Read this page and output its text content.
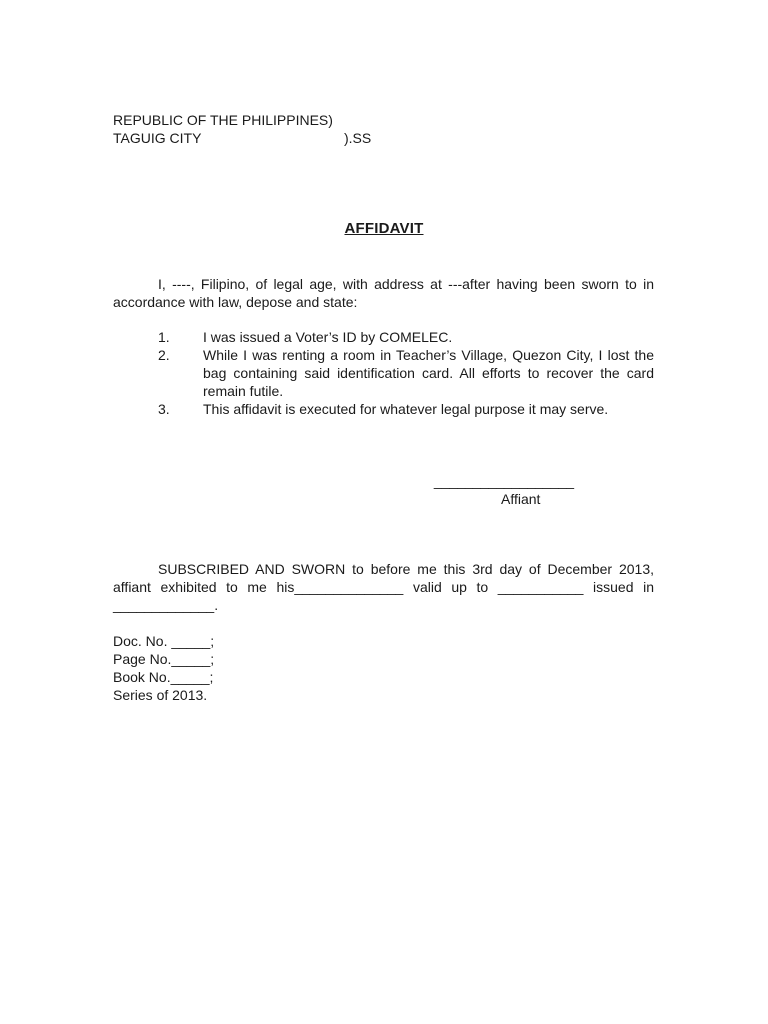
REPUBLIC OF THE PHILIPPINES)
TAGUIG CITY	).SS
AFFIDAVIT
I, ----, Filipino, of legal age, with address at ---after having been sworn to in accordance with law, depose and state:
1. I was issued a Voter’s ID by COMELEC.
2. While I was renting a room in Teacher’s Village, Quezon City, I lost the bag containing said identification card. All efforts to recover the card remain futile.
3. This affidavit is executed for whatever legal purpose it may serve.
__________________
Affiant
SUBSCRIBED AND SWORN to before me this 3rd day of December 2013, affiant exhibited to me his______________ valid up to ___________ issued in _____________.
Doc. No. _____;
Page No._____;
Book No._____;
Series of 2013.
